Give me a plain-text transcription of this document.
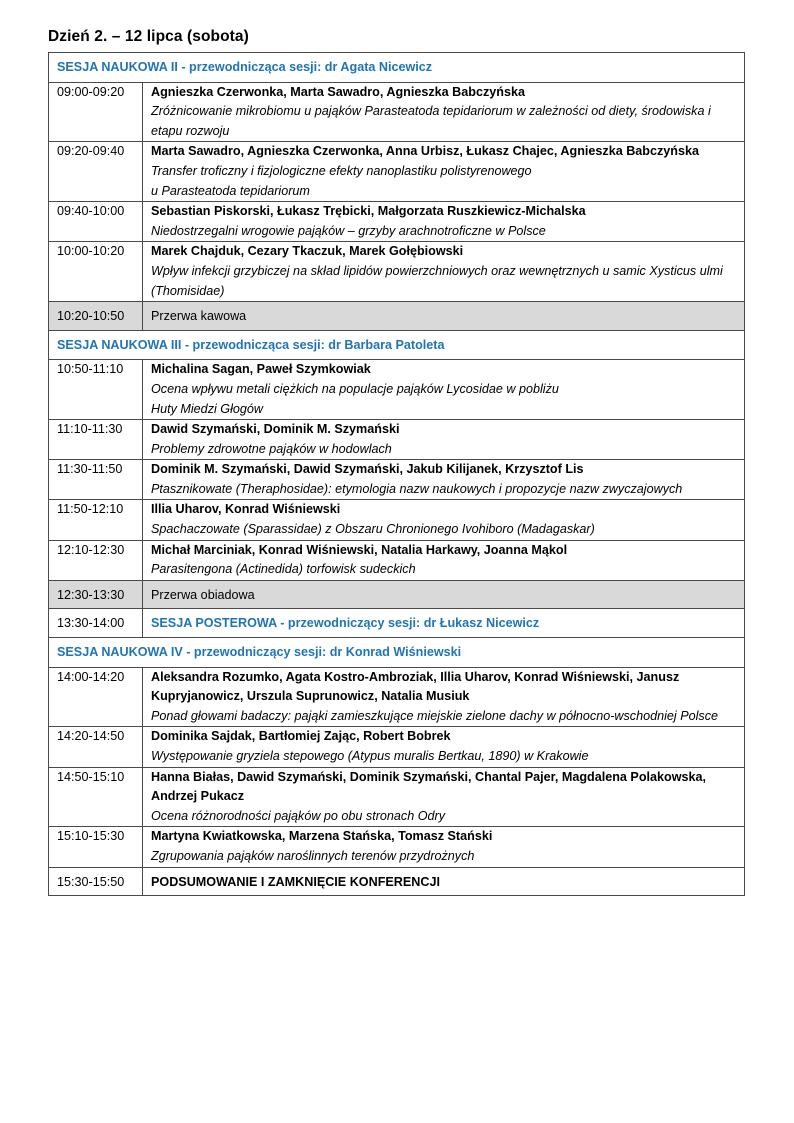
Dzień 2. – 12 lipca (sobota)
SESJA NAUKOWA II - przewodnicząca sesji: dr Agata Nicewicz	
09:00-09:20	Agnieszka Czerwonka, Marta Sawadro, Agnieszka Babczyńska
Zróżnicowanie mikrobiomu u pająków Parasteatoda tepidariorum w zależności od diety, środowiska i etapu rozwoju

09:20-09:40	Marta Sawadro, Agnieszka Czerwonka, Anna Urbisz, Łukasz Chajec, Agnieszka Babczyńska
Transfer troficzny i fizjologiczne efekty nanoplastiku polistyrenowego
u Parasteatoda tepidariorum

09:40-10:00	Sebastian Piskorski, Łukasz Trębicki, Małgorzata Ruszkiewicz-Michalska
Niedostrzegalni wrogowie pająków – grzyby arachnotroficzne w Polsce

10:00-10:20	Marek Chajduk, Cezary Tkaczuk, Marek Gołębiowski
Wpływ infekcji grzybiczej na skład lipidów powierzchniowych oraz wewnętrznych u samic Xysticus ulmi (Thomisidae)

10:20-10:50	Przerwa kawowa
SESJA NAUKOWA III - przewodnicząca sesji: dr Barbara Patoleta	
10:50-11:10	Michalina Sagan, Paweł Szymkowiak
Ocena wpływu metali ciężkich na populacje pająków Lycosidae w pobliżu
Huty Miedzi Głogów

11:10-11:30	Dawid Szymański, Dominik M. Szymański
Problemy zdrowotne pająków w hodowlach

11:30-11:50	Dominik M. Szymański, Dawid Szymański, Jakub Kilijanek, Krzysztof Lis
Ptasznikowate (Theraphosidae): etymologia nazw naukowych i propozycje nazw zwyczajowych

11:50-12:10	Illia Uharov, Konrad Wiśniewski
Spachaczowate (Sparassidae) z Obszaru Chronionego Ivohiboro (Madagaskar)

12:10-12:30	Michał Marciniak, Konrad Wiśniewski, Natalia Harkawy, Joanna Mąkol
Parasitengona (Actinedida) torfowisk sudeckich

12:30-13:30	Przerwa obiadowa
13:30-14:00	SESJA POSTEROWA - przewodniczący sesji: dr Łukasz Nicewicz
SESJA NAUKOWA IV - przewodniczący sesji: dr Konrad Wiśniewski	
14:00-14:20	Aleksandra Rozumko, Agata Kostro-Ambroziak, Illia Uharov, Konrad Wiśniewski, Janusz Kupryjanowicz, Urszula Suprunowicz, Natalia Musiuk
Ponad głowami badaczy: pająki zamieszkujące miejskie zielone dachy w północno-wschodniej Polsce

14:20-14:50	Dominika Sajdak, Bartłomiej Zając, Robert Bobrek
Występowanie gryziela stepowego (Atypus muralis Bertkau, 1890) w Krakowie

14:50-15:10	Hanna Białas, Dawid Szymański, Dominik Szymański, Chantal Pajer, Magdalena Polakowska, Andrzej Pukacz
Ocena różnorodności pająków po obu stronach Odry

15:10-15:30	Martyna Kwiatkowska, Marzena Stańska, Tomasz Stański
Zgrupowania pająków naroślinnych terenów przydrożnych

15:30-15:50	PODSUMOWANIE I ZAMKNIĘCIE KONFERENCJI
